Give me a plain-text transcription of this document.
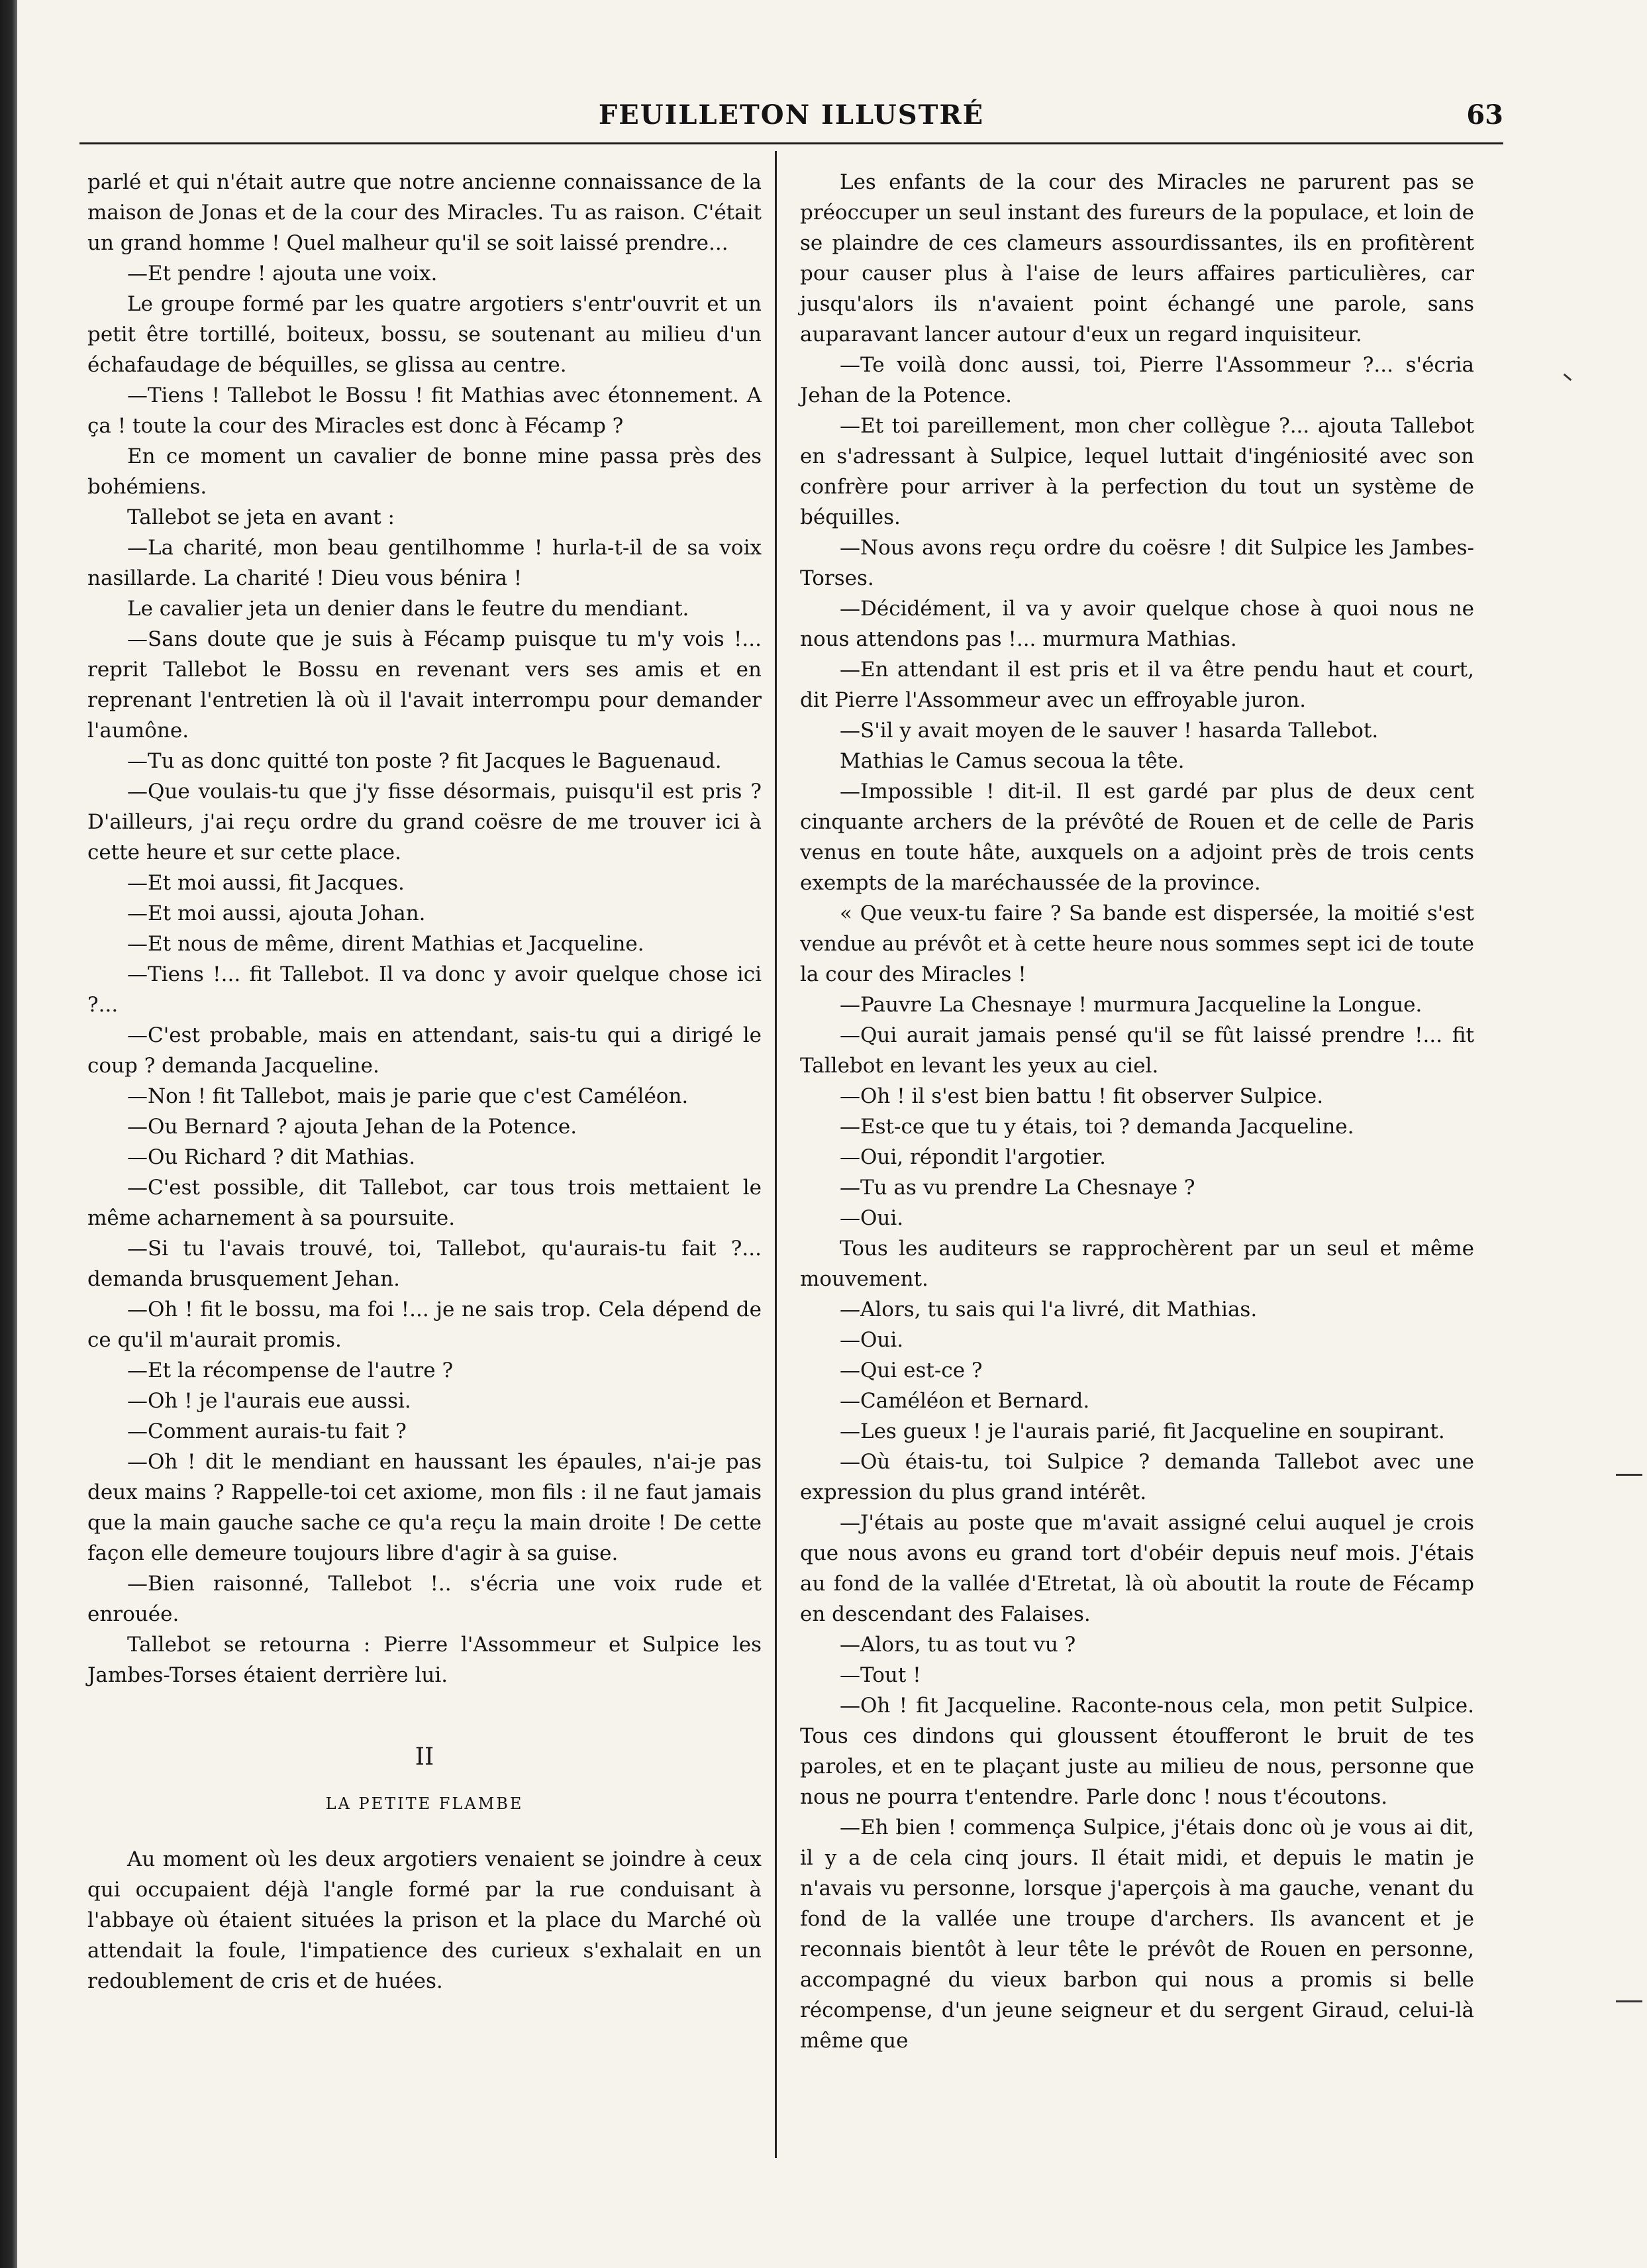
FEUILLETON ILLUSTRÉ	63

parlé et qui n'était autre que notre ancienne connaissance de la maison de Jonas et de la cour des Miracles. Tu as raison. C'était un grand homme ! Quel malheur qu'il se soit laissé prendre...

—Et pendre ! ajouta une voix.

Le groupe formé par les quatre argotiers s'entr'ouvrit et un petit être tortillé, boiteux, bossu, se soutenant au milieu d'un échafaudage de béquilles, se glissa au centre.

—Tiens ! Tallebot le Bossu ! fit Mathias avec étonnement. A ça ! toute la cour des Miracles est donc à Fécamp ?

En ce moment un cavalier de bonne mine passa près des bohémiens.

Tallebot se jeta en avant :

—La charité, mon beau gentilhomme ! hurla-t-il de sa voix nasillarde. La charité ! Dieu vous bénira !

Le cavalier jeta un denier dans le feutre du mendiant.

—Sans doute que je suis à Fécamp puisque tu m'y vois !... reprit Tallebot le Bossu en revenant vers ses amis et en reprenant l'entretien là où il l'avait interrompu pour demander l'aumône.

—Tu as donc quitté ton poste ? fit Jacques le Baguenaud.

—Que voulais-tu que j'y fisse désormais, puisqu'il est pris ? D'ailleurs, j'ai reçu ordre du grand coësre de me trouver ici à cette heure et sur cette place.

—Et moi aussi, fit Jacques.

—Et moi aussi, ajouta Johan.

—Et nous de même, dirent Mathias et Jacqueline.

—Tiens !... fit Tallebot. Il va donc y avoir quelque chose ici ?...

—C'est probable, mais en attendant, sais-tu qui a dirigé le coup ? demanda Jacqueline.

—Non ! fit Tallebot, mais je parie que c'est Caméléon.

—Ou Bernard ? ajouta Jehan de la Potence.

—Ou Richard ? dit Mathias.

—C'est possible, dit Tallebot, car tous trois mettaient le même acharnement à sa poursuite.

—Si tu l'avais trouvé, toi, Tallebot, qu'aurais-tu fait ?... demanda brusquement Jehan.

—Oh ! fit le bossu, ma foi !... je ne sais trop. Cela dépend de ce qu'il m'aurait promis.

—Et la récompense de l'autre ?

—Oh ! je l'aurais eue aussi.

—Comment aurais-tu fait ?

—Oh ! dit le mendiant en haussant les épaules, n'ai-je pas deux mains ? Rappelle-toi cet axiome, mon fils : il ne faut jamais que la main gauche sache ce qu'a reçu la main droite ! De cette façon elle demeure toujours libre d'agir à sa guise.

—Bien raisonné, Tallebot !.. s'écria une voix rude et enrouée.

Tallebot se retourna : Pierre l'Assommeur et Sulpice les Jambes-Torses étaient derrière lui.

II
LA PETITE FLAMBE

Au moment où les deux argotiers venaient se joindre à ceux qui occupaient déjà l'angle formé par la rue conduisant à l'abbaye où étaient situées la prison et la place du Marché où attendait la foule, l'impatience des curieux s'exhalait en un redoublement de cris et de huées.

Les enfants de la cour des Miracles ne parurent pas se préoccuper un seul instant des fureurs de la populace, et loin de se plaindre de ces clameurs assourdissantes, ils en profitèrent pour causer plus à l'aise de leurs affaires particulières, car jusqu'alors ils n'avaient point échangé une parole, sans auparavant lancer autour d'eux un regard inquisiteur.

—Te voilà donc aussi, toi, Pierre l'Assommeur ?... s'écria Jehan de la Potence.

—Et toi pareillement, mon cher collègue ?... ajouta Tallebot en s'adressant à Sulpice, lequel luttait d'ingéniosité avec son confrère pour arriver à la perfection du tout un système de béquilles.

—Nous avons reçu ordre du coësre ! dit Sulpice les Jambes-Torses.

—Décidément, il va y avoir quelque chose à quoi nous ne nous attendons pas !... murmura Mathias.

—En attendant il est pris et il va être pendu haut et court, dit Pierre l'Assommeur avec un effroyable juron.

—S'il y avait moyen de le sauver ! hasarda Tallebot.

Mathias le Camus secoua la tête.

—Impossible ! dit-il. Il est gardé par plus de deux cent cinquante archers de la prévôté de Rouen et de celle de Paris venus en toute hâte, auxquels on a adjoint près de trois cents exempts de la maréchaussée de la province.

« Que veux-tu faire ? Sa bande est dispersée, la moitié s'est vendue au prévôt et à cette heure nous sommes sept ici de toute la cour des Miracles !

—Pauvre La Chesnaye ! murmura Jacqueline la Longue.

—Qui aurait jamais pensé qu'il se fût laissé prendre !... fit Tallebot en levant les yeux au ciel.

—Oh ! il s'est bien battu ! fit observer Sulpice.

—Est-ce que tu y étais, toi ? demanda Jacqueline.

—Oui, répondit l'argotier.

—Tu as vu prendre La Chesnaye ?

—Oui.

Tous les auditeurs se rapprochèrent par un seul et même mouvement.

—Alors, tu sais qui l'a livré, dit Mathias.

—Oui.

—Qui est-ce ?

—Caméléon et Bernard.

—Les gueux ! je l'aurais parié, fit Jacqueline en soupirant.

—Où étais-tu, toi Sulpice ? demanda Tallebot avec une expression du plus grand intérêt.

—J'étais au poste que m'avait assigné celui auquel je crois que nous avons eu grand tort d'obéir depuis neuf mois. J'étais au fond de la vallée d'Etretat, là où aboutit la route de Fécamp en descendant des Falaises.

—Alors, tu as tout vu ?

—Tout !

—Oh ! fit Jacqueline. Raconte-nous cela, mon petit Sulpice. Tous ces dindons qui gloussent étoufferont le bruit de tes paroles, et en te plaçant juste au milieu de nous, personne que nous ne pourra t'entendre. Parle donc ! nous t'écoutons.

—Eh bien ! commença Sulpice, j'étais donc où je vous ai dit, il y a de cela cinq jours. Il était midi, et depuis le matin je n'avais vu personne, lorsque j'aperçois à ma gauche, venant du fond de la vallée une troupe d'archers. Ils avancent et je reconnais bientôt à leur tête le prévôt de Rouen en personne, accompagné du vieux barbon qui nous a promis si belle récompense, d'un jeune seigneur et du sergent Giraud, celui-là même que
